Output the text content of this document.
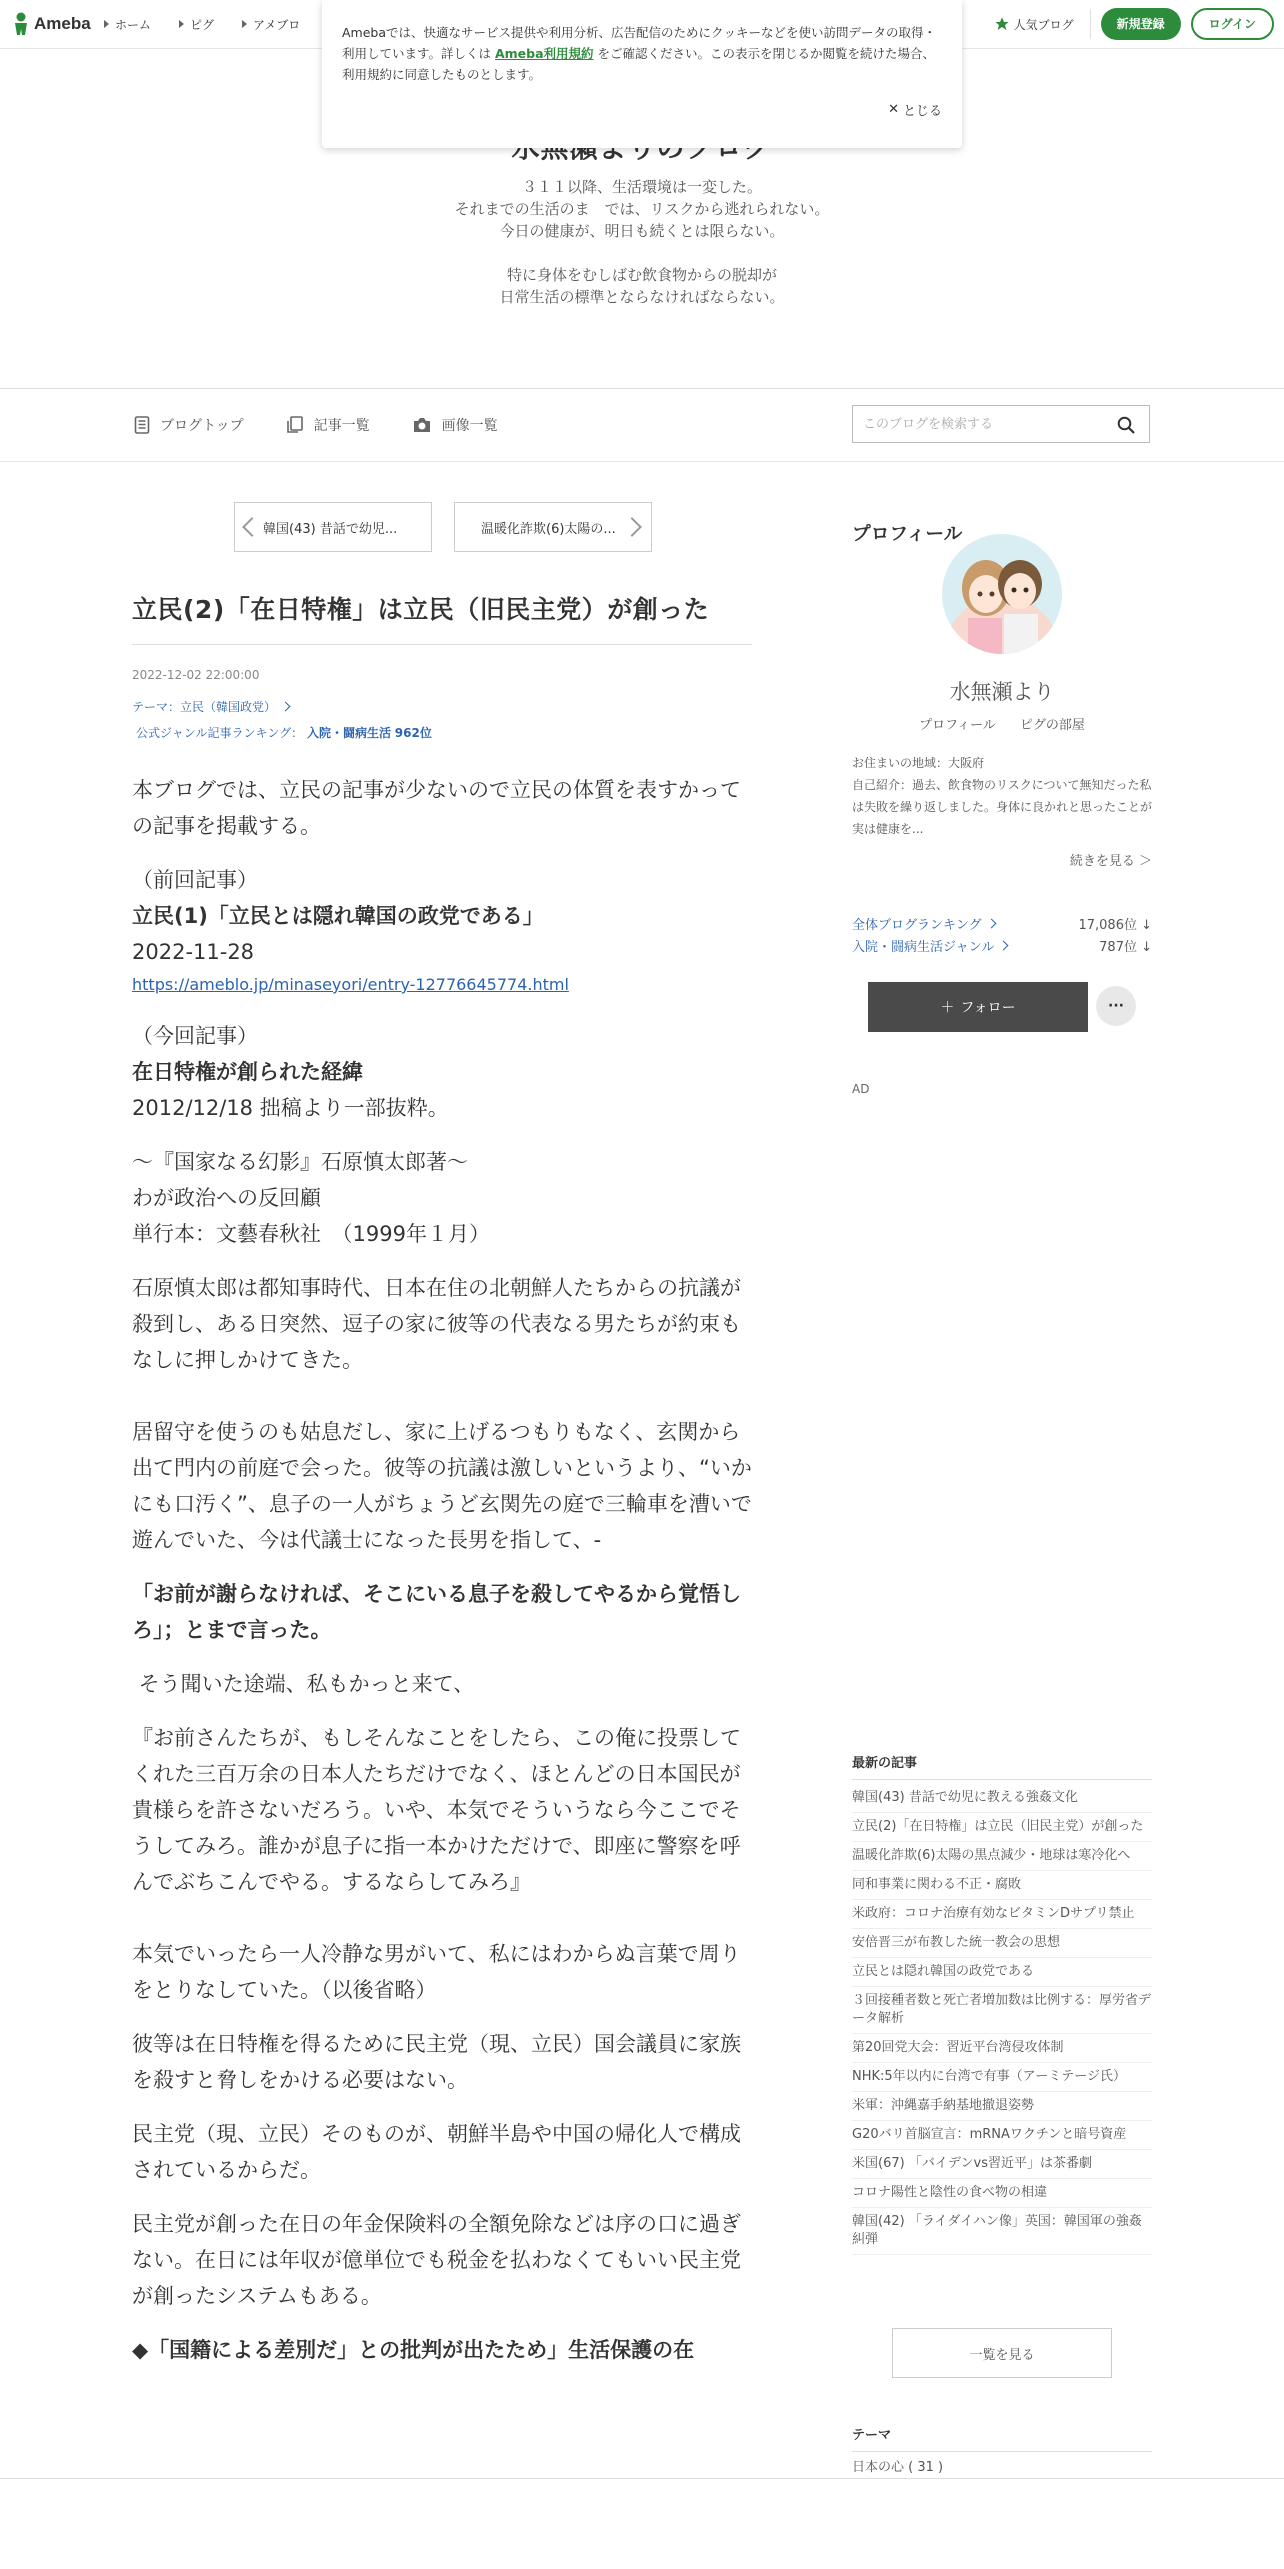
Ameba ホーム	ピグ	アメブロ	人気ブログ	新規登録	ログイン
Amebaでは、快適なサービス提供や利用分析、広告配信のためにクッキーなどを使い訪問データの取得・利用しています。詳しくは Ameba利用規約 をご確認ください。この表示を閉じるか閲覧を続けた場合、利用規約に同意したものとします。
✕ とじる
３１１以降、生活環境は一変した。
それまでの生活のま　では、リスクから逃れられない。
今日の健康が、明日も続くとは限らない。

特に身体をむしばむ飲食物からの脱却が
日常生活の標準とならなければならない。
ブログトップ	記事一覧	画像一覧
このブログを検索する
韓国(43) 昔話で幼児...	温暖化詐欺(6)太陽の...
立民(2)「在日特権」は立民（旧民主党）が創った
2022-12-02 22:00:00
テーマ：立民（韓国政党）
公式ジャンル記事ランキング： 入院・闘病生活 962位

本ブログでは、立民の記事が少ないので立民の体質を表すかっての記事を掲載する。

（前回記事）

立民(1)「立民とは隠れ韓国の政党である」

2022-11-28

https://ameblo.jp/minaseyori/entry-12776645774.html

（今回記事）

在日特権が創られた経緯

2012/12/18 拙稿より一部抜粋。

～『国家なる幻影』石原慎太郎著～

わが政治への反回顧

単行本：文藝春秋社　（1999年１月）

石原慎太郎は都知事時代、日本在住の北朝鮮人たちからの抗議が殺到し、ある日突然、逗子の家に彼等の代表なる男たちが約束もなしに押しかけてきた。

居留守を使うのも姑息だし、家に上げるつもりもなく、玄関から出て門内の前庭で会った。彼等の抗議は激しいというより、“いかにも口汚く”、息子の一人がちょうど玄関先の庭で三輪車を漕いで遊んでいた、今は代議士になった長男を指して、-

「お前が謝らなければ、そこにいる息子を殺してやるから覚悟しろ」；とまで言った。

そう聞いた途端、私もかっと来て、

『お前さんたちが、もしそんなことをしたら、この俺に投票してくれた三百万余の日本人たちだけでなく、ほとんどの日本国民が貴様らを許さないだろう。いや、本気でそういうなら今ここでそうしてみろ。誰かが息子に指一本かけただけで、即座に警察を呼んでぶちこんでやる。するならしてみろ』

本気でいったら一人冷静な男がいて、私にはわからぬ言葉で周りをとりなしていた。（以後省略）

彼等は在日特権を得るために民主党（現、立民）国会議員に家族を殺すと脅しをかける必要はない。

民主党（現、立民）そのものが、朝鮮半島や中国の帰化人で構成されているからだ。

民主党が創った在日の年金保険料の全額免除などは序の口に過ぎない。在日には年収が億単位でも税金を払わなくてもいい民主党が創ったシステムもある。

◆「国籍による差別だ」との批判が出たため」生活保護の在

プロフィール
水無瀬より
プロフィール ピグの部屋
お住まいの地域：大阪府
自己紹介：過去、飲食物のリスクについて無知だった私は失敗を繰り返しました。身体に良かれと思ったことが実は健康を...
続きを見る ＞
全体ブログランキング	17,086位 ↓
入院・闘病生活ジャンル	787位 ↓
＋ フォロー	···
AD
最新の記事
韓国(43) 昔話で幼児に教える強姦文化
立民(2)「在日特権」は立民（旧民主党）が創った
温暖化詐欺(6)太陽の黒点減少・地球は寒冷化へ
同和事業に関わる不正・腐敗
米政府：コロナ治療有効なビタミンDサプリ禁止
安倍晋三が布教した統一教会の思想
立民とは隠れ韓国の政党である
３回接種者数と死亡者増加数は比例する：厚労省データ解析
第20回党大会：習近平台湾侵攻体制
NHK:5年以内に台湾で有事（アーミテージ氏）
米軍：沖縄嘉手納基地撤退姿勢
G20バリ首脳宣言：mRNAワクチンと暗号資産
米国(67) 「バイデンvs習近平」は茶番劇
コロナ陽性と陰性の食べ物の相違
韓国(42) 「ライダイハン像」英国：韓国軍の強姦糾弾
一覧を見る
テーマ
日本の心 ( 31 )
